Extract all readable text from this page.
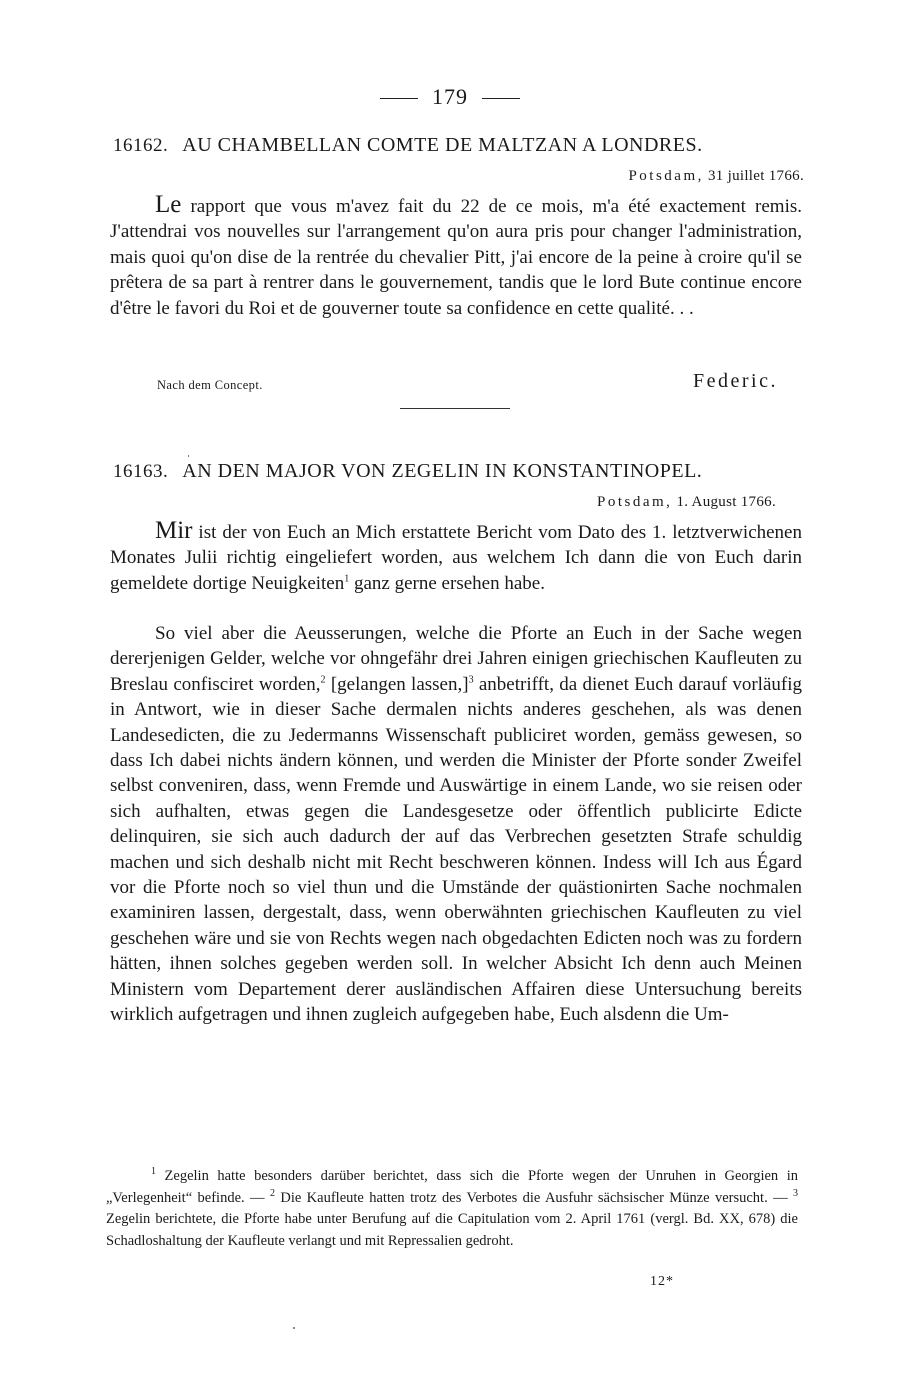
179
16162. AU CHAMBELLAN COMTE DE MALTZAN A LONDRES.
Potsdam, 31 juillet 1766.

Le rapport que vous m'avez fait du 22 de ce mois, m'a été exactement remis. J'attendrai vos nouvelles sur l'arrangement qu'on aura pris pour changer l'administration, mais quoi qu'on dise de la rentrée du chevalier Pitt, j'ai encore de la peine à croire qu'il se prêtera de sa part à rentrer dans le gouvernement, tandis que le lord Bute continue encore d'être le favori du Roi et de gouverner toute sa confidence en cette qualité. . .

Nach dem Concept.	Federic.
16163. AN DEN MAJOR VON ZEGELIN IN KONSTANTINOPEL.
Potsdam, 1. August 1766.

Mir ist der von Euch an Mich erstattete Bericht vom Dato des 1. letztverwichenen Monates Julii richtig eingeliefert worden, aus welchem Ich dann die von Euch darin gemeldete dortige Neuigkeiten$^1$ ganz gerne ersehen habe.

So viel aber die Aeusserungen, welche die Pforte an Euch in der Sache wegen dererjenigen Gelder, welche vor ohngefähr drei Jahren einigen griechischen Kaufleuten zu Breslau confisciret worden,$^2$ [gelangen lassen,]$^3$ anbetrifft, da dienet Euch darauf vorläufig in Antwort, wie in dieser Sache dermalen nichts anderes geschehen, als was denen Landesedicten, die zu Jedermanns Wissenschaft publiciret worden, gemäss gewesen, so dass Ich dabei nichts ändern können, und werden die Minister der Pforte sonder Zweifel selbst conveniren, dass, wenn Fremde und Auswärtige in einem Lande, wo sie reisen oder sich aufhalten, etwas gegen die Landesgesetze oder öffentlich publicirte Edicte delinquiren, sie sich auch dadurch der auf das Verbrechen gesetzten Strafe schuldig machen und sich deshalb nicht mit Recht beschweren können. Indess will Ich aus Égard vor die Pforte noch so viel thun und die Umstände der quästionirten Sache nochmalen examiniren lassen, dergestalt, dass, wenn oberwähnten griechischen Kaufleuten zu viel geschehen wäre und sie von Rechts wegen nach obgedachten Edicten noch was zu fordern hätten, ihnen solches gegeben werden soll. In welcher Absicht Ich denn auch Meinen Ministern vom Departement derer ausländischen Affairen diese Untersuchung bereits wirklich aufgetragen und ihnen zugleich aufgegeben habe, Euch alsdenn die Um-

$^1$ Zegelin hatte besonders darüber berichtet, dass sich die Pforte wegen der Unruhen in Georgien in „Verlegenheit“ befinde. — $^2$ Die Kaufleute hatten trotz des Verbotes die Ausfuhr sächsischer Münze versucht. — $^3$ Zegelin berichtete, die Pforte habe unter Berufung auf die Capitulation vom 2. April 1761 (vergl. Bd. XX, 678) die Schadloshaltung der Kaufleute verlangt und mit Repressalien gedroht.

12*
